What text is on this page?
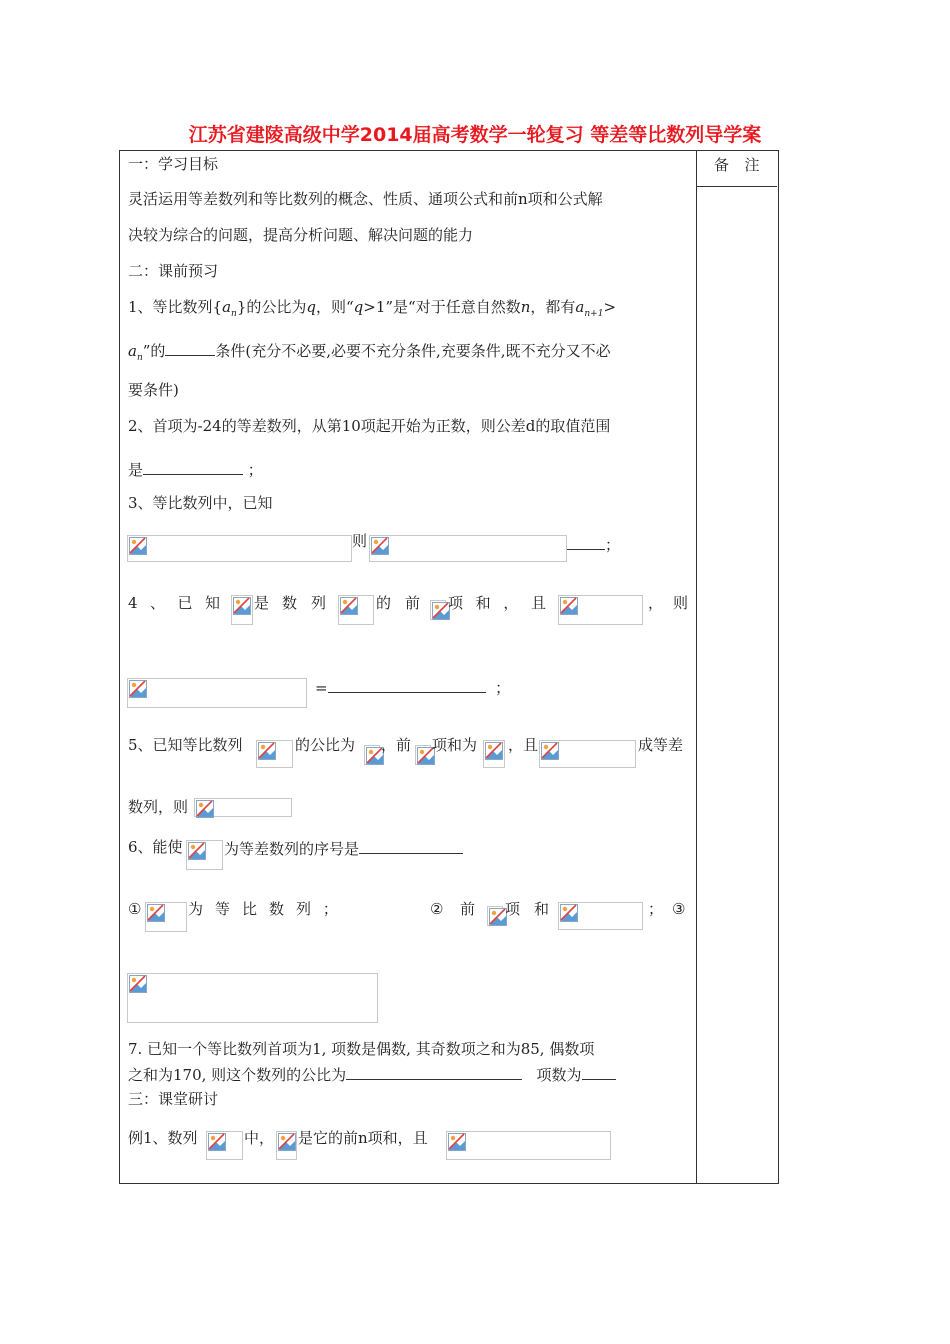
江苏省建陵高级中学2014届高考数学一轮复习 等差等比数列导学案
备  注
一：学习目标
灵活运用等差数列和等比数列的概念、性质、通项公式和前n项和公式解
决较为综合的问题，提高分析问题、解决问题的能力
二：课前预习
1、等比数列$\{a_n\}$的公比为q，则“q>1”是“对于任意自然数n，都有$a_{n+1}>$
$a_n$”的	条件(充分不必要,必要不充分条件,充要条件,既不充分又不必
要条件)
2、首项为-24的等差数列，从第10项起开始为正数，则公差d的取值范围
是	；
3、等比数列中，已知
则	；
4 、 已 知 是 数 列	的 前 项 和 ， 且	， 则
=	；
5、已知等比数列	的公比为 ，前 项和为 ，且	成等差
数列，则
6、能使	为等差数列的序号是
①	为 等 比 数 列 ；	② 前 项 和	； ③
7. 已知一个等比数列首项为1, 项数是偶数, 其奇数项之和为85, 偶数项
之和为170, 则这个数列的公比为	项数为
三：课堂研讨
例1、数列	中， 是它的前n项和，且
